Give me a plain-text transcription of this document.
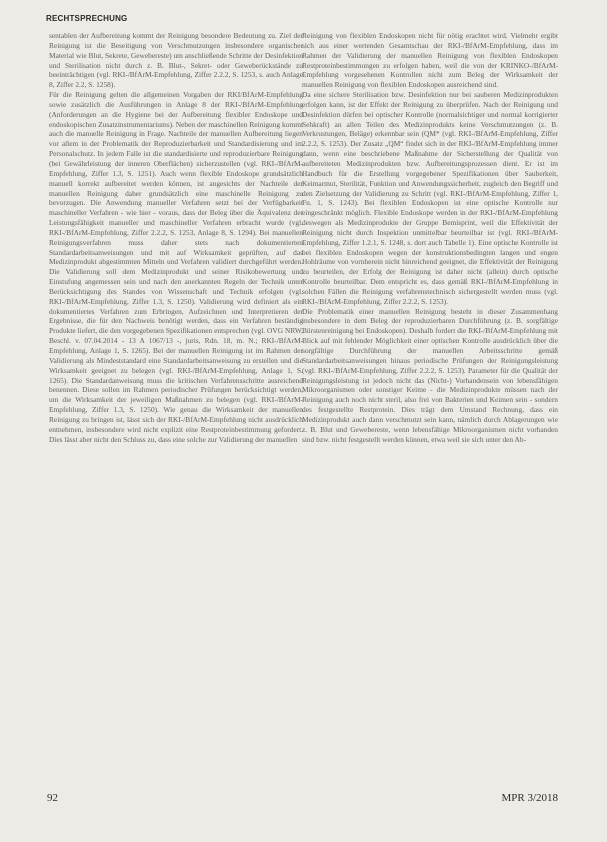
RECHTSPRECHUNG

sentablen der Aufbereitung kommt der Reinigung besondere Bedeutung zu. Ziel der Reinigung ist die Beseitigung von Verschmutzungen insbesondere organischer Material wie Blut, Sekrete, Gewebereste) um anschließende Schritte der Desinfektion und Sterilisation nicht durch z. B. Blut-, Sekret- oder Geweberückstände zu beeinträchtigen (vgl. RKI-/BfArM-Empfehlung, Ziffer 2.2.2, S. 1253, s. auch Anlage 8, Ziffer 2.2, S. 1258).

Für die Reinigung gelten die allgemeinen Vorgaben der RKI/BfArM-Empfehlung sowie zusätzlich die Ausführungen in Anlage 8 der RKI-/BfArM-Empfehlung (Anforderungen an die Hygiene bei der Aufbereitung flexibler Endoskope und endoskopischen Zusatzinstrumentariums). Neben der maschinellen Reinigung kommt auch die manuelle Reinigung in Frage. Nachteile der manuellen Aufbereitung liegen vor allem in der Problematik der Reproduzierbarkeit und Standardisierung und im Personalschutz. In jedem Falle ist die standardisierte und reproduzierbare Reinigung (bei Gewährleistung der inneren Oberflächen) sicherzustellen (vgl. RKI-/BfArM-Empfehlung, Ziffer 1.3, S. 1251). Auch wenn flexible Endoskope grundsätzlich manuell korrekt aufbereitet werden können, ist angesichts der Nachteile der manuellen Reinigung daher grundsätzlich eine maschinelle Reinigung zu bevorzugen. Die Anwendung manueller Verfahren setzt bei der Verfügbarkeit maschineller Verfahren - wie hier - voraus, dass der Beleg über die Äquivalenz der Leistungsfähigkeit manueller und maschineller Verfahren erbracht wurde (vgl. RKI-/BfArM-Empfehlung, Ziffer 2.2.2, S. 1253, Anlage 8, S. 1294). Bei manuellen Reinigungsverfahren muss daher stets nach dokumentierten Standardarbeitsanweisungen und mit auf Wirksamkeit geprüften, auf das Medizinprodukt abgestimmten Mitteln und Verfahren validiert durchgeführt werden. Die Validierung soll dem Medizinprodukt und seiner Risikobewertung und Einstufung angemessen sein und nach den anerkannten Regeln der Technik unter Berücksichtigung des Standes von Wissenschaft und Technik erfolgen (vgl. RKI-/BfArM-Empfehlung, Ziffer 1.3, S. 1250). Validierung wird definiert als ein dokumentiertes Verfahren zum Erbringen, Aufzeichnen und Interpretieren der Ergebnisse, die für den Nachweis benötigt werden, dass ein Verfahren beständig Produkte liefert, die den vorgegebenen Spezifikationen entsprechen (vgl. OVG NRW, Beschl. v. 07.04.2014 - 13 A 1067/13 -, juris, Rdn. 18, m. N.; RKI-/BfArM-Empfehlung, Anlage 1, S. 1265). Bei der manuellen Reinigung ist im Rahmen der Validierung als Mindeststandard eine Standardarbeitsanweisung zu erstellen und die Wirksamkeit geeignet zu belegen (vgl. RKI-/BfArM-Empfehlung, Anlage 1, S. 1265). Die Standardanweisung muss die kritischen Verfahrensschritte ausreichend benennen. Diese sollen im Rahmen periodischer Prüfungen berücksichtigt werden, um die Wirksamkeit der jeweiligen Maßnahmen zu belegen (vgl. RKI-/BfArM-Empfehlung, Ziffer 1.3, S. 1250). Wie genau die Wirksamkeit der manuellen Reinigung zu bringen ist, lässt sich der RKI-/BfArM-Empfehlung nicht ausdrücklich entnehmen, insbesondere wird nicht explizit eine Restproteinbestimmung gefordert. Dies lässt aber nicht den Schluss zu, dass eine solche zur Validierung der manuellen

Reinigung von flexiblen Endoskopen nicht für nötig erachtet wird. Vielmehr ergibt sich aus einer wertenden Gesamtschau der RKI-/BfArM-Empfehlung, dass im Rahmen der Validierung der manuellen Reinigung von flexiblen Endoskopen Restproteinbestimmungen zu erfolgen haben, weil die von der KRINKO-/BfArM-Empfehlung vorgesehenen Kontrollen nicht zum Beleg der Wirksamkeit der manuellen Reinigung von flexiblen Endoskopen ausreichend sind.

Da eine sichere Sterilisation bzw. Desinfektion nur bei sauberen Medizinprodukten erfolgen kann, ist der Effekt der Reinigung zu überprüfen. Nach der Reinigung und Desinfektion dürfen bei optischer Kontrolle (normalsichtiger und normal korrigierter Sehkraft) an allen Teilen des Medizinprodukts keine Verschmutzungen (z. B. Verkrustungen, Beläge) erkennbar sein (QM* (vgl. RKI-/BfArM-Empfehlung, Ziffer 2.2.2, S. 1253). Der Zusatz „QM“ findet sich in der RKI-/BfArM-Empfehlung immer dann, wenn eine beschriebene Maßnahme der Sicherstellung der Qualität von aufbereiteten Medizinprodukten bzw. Aufbereitungsprozessen dient. Er ist im Handbuch für die Erstellung vorgegebener Spezifikationen über Sauberkeit, Keimarmut, Sterilität, Funktion und Anwendungssicherheit, zugleich den Begriff und den Zielsetzung der Validierung zu Schritt (vgl. RKI-/BfArM-Empfehlung, Ziffer 1, Fn. 1, S. 1243). Bei flexiblen Endoskopen ist eine optische Kontrolle nur eingeschränkt möglich. Flexible Endoskope werden in der RKI-/BfArM-Empfehlung deswegen als Medizinprodukte der Gruppe Bemisprint, weil die Effektivität der Reinigung nicht durch Inspektion unmittelbar beurteilbar ist (vgl. RKI-/BfArM-Empfehlung, Ziffer 1.2.1, S. 1248, s. dort auch Tabelle 1). Eine optische Kontrolle ist bei flexiblen Endoskopen wegen der konstruktionsbedingten langen und engen Hohlräume von vornherein nicht hinreichend geeignet, die Effektivität der Reinigung zu beurteilen, der Erfolg der Reinigung ist daher nicht (allein) durch optische Kontrolle beurteilbar. Dem entspricht es, dass gemäß RKI-/BfArM-Empfehlung in solchen Fällen die Reinigung verfahrenstechnisch sichergestellt werden muss (vgl. RKI-/BfArM-Empfehlung, Ziffer 2.2.2, S. 1253).

Die Problematik einer manuellen Reinigung besteht in dieser Zusammenhang insbesondere in dem Beleg der reproduzierbaren Durchführung (z. B. sorgfältige Bürstenreinigung bei Endoskopen). Deshalb fordert die RKI-/BfArM-Empfehlung mit Blick auf mit fehlender Möglichkeit einer optischen Kontrolle ausdrücklich über die sorgfältige Durchführung der manuellen Arbeitsschritte gemäß Standardarbeitsanweisungen hinaus periodische Prüfungen der Reinigungsleistung (vgl. RKI-/BfArM-Empfehlung, Ziffer 2.2.2, S. 1253). Parameter für die Qualität der Reinigungsleistung ist jedoch nicht das (Nicht-) Vorhandensein von lebensfähigen Mikroorganismen oder sonstiger Keime - die Medizinprodukte müssen nach der Reinigung auch noch nicht steril, also frei von Bakterien und Keimen sein - sondern des festgestellte Restprotein. Dies trägt dem Umstand Rechnung, dass ein Medizinprodukt auch dann verschmutzt sein kann, nämlich durch Ablagerungen wie z. B. Blut und Gewebereste, wenn lebensfähige Mikroorganismen nicht vorhanden sind bzw. nicht festgestellt werden können, etwa weil sie sich unter den Ab-

92	MPR 3/2018
